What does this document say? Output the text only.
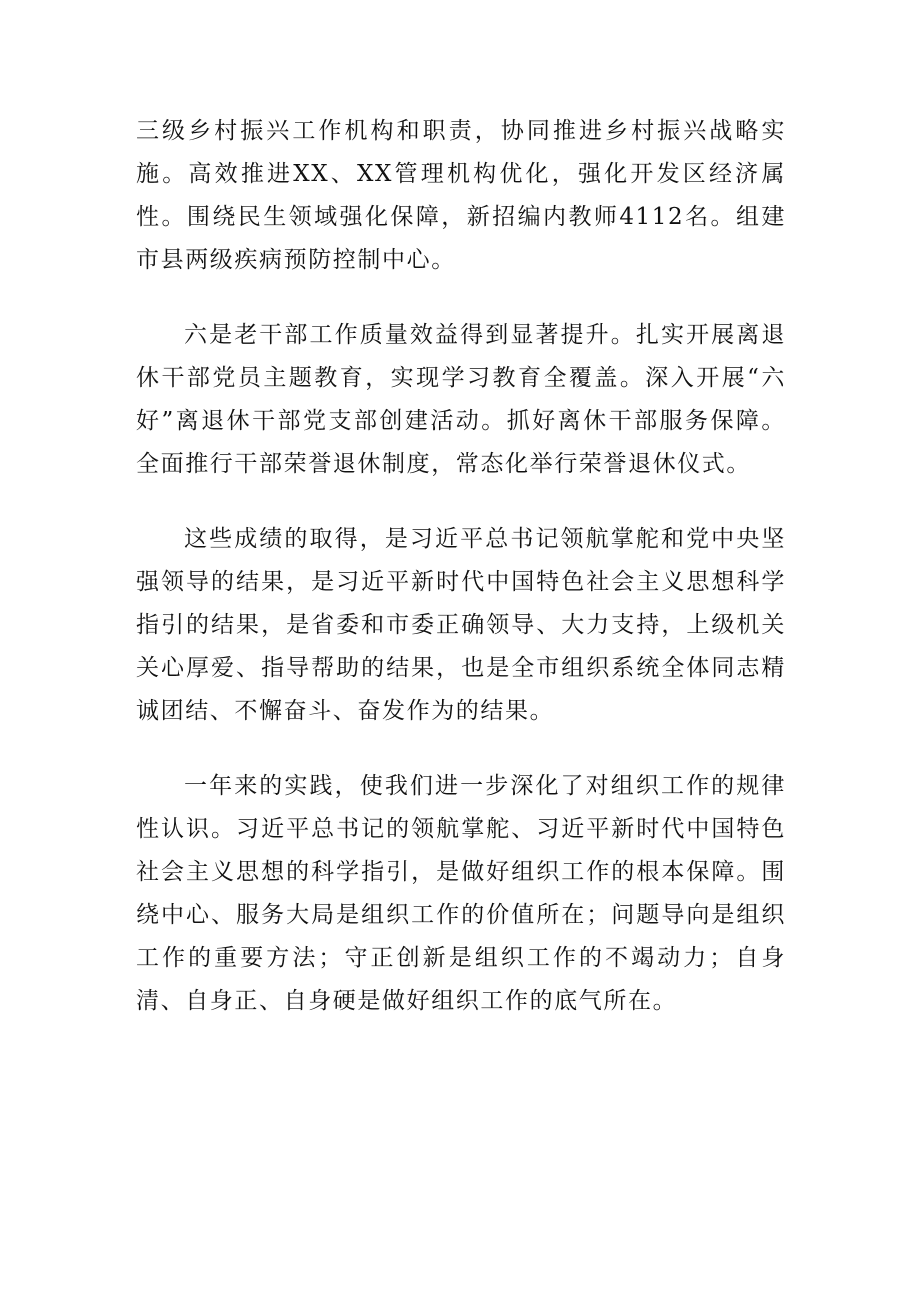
三级乡村振兴工作机构和职责，协同推进乡村振兴战略实施。高效推进XX、XX管理机构优化，强化开发区经济属性。围绕民生领域强化保障，新招编内教师4112名。组建市县两级疾病预防控制中心。

六是老干部工作质量效益得到显著提升。扎实开展离退休干部党员主题教育，实现学习教育全覆盖。深入开展“六好”离退休干部党支部创建活动。抓好离休干部服务保障。全面推行干部荣誉退休制度，常态化举行荣誉退休仪式。

这些成绩的取得，是习近平总书记领航掌舵和党中央坚强领导的结果，是习近平新时代中国特色社会主义思想科学指引的结果，是省委和市委正确领导、大力支持，上级机关关心厚爱、指导帮助的结果，也是全市组织系统全体同志精诚团结、不懈奋斗、奋发作为的结果。

一年来的实践，使我们进一步深化了对组织工作的规律性认识。习近平总书记的领航掌舵、习近平新时代中国特色社会主义思想的科学指引，是做好组织工作的根本保障。围绕中心、服务大局是组织工作的价值所在；问题导向是组织工作的重要方法；守正创新是组织工作的不竭动力；自身清、自身正、自身硬是做好组织工作的底气所在。
